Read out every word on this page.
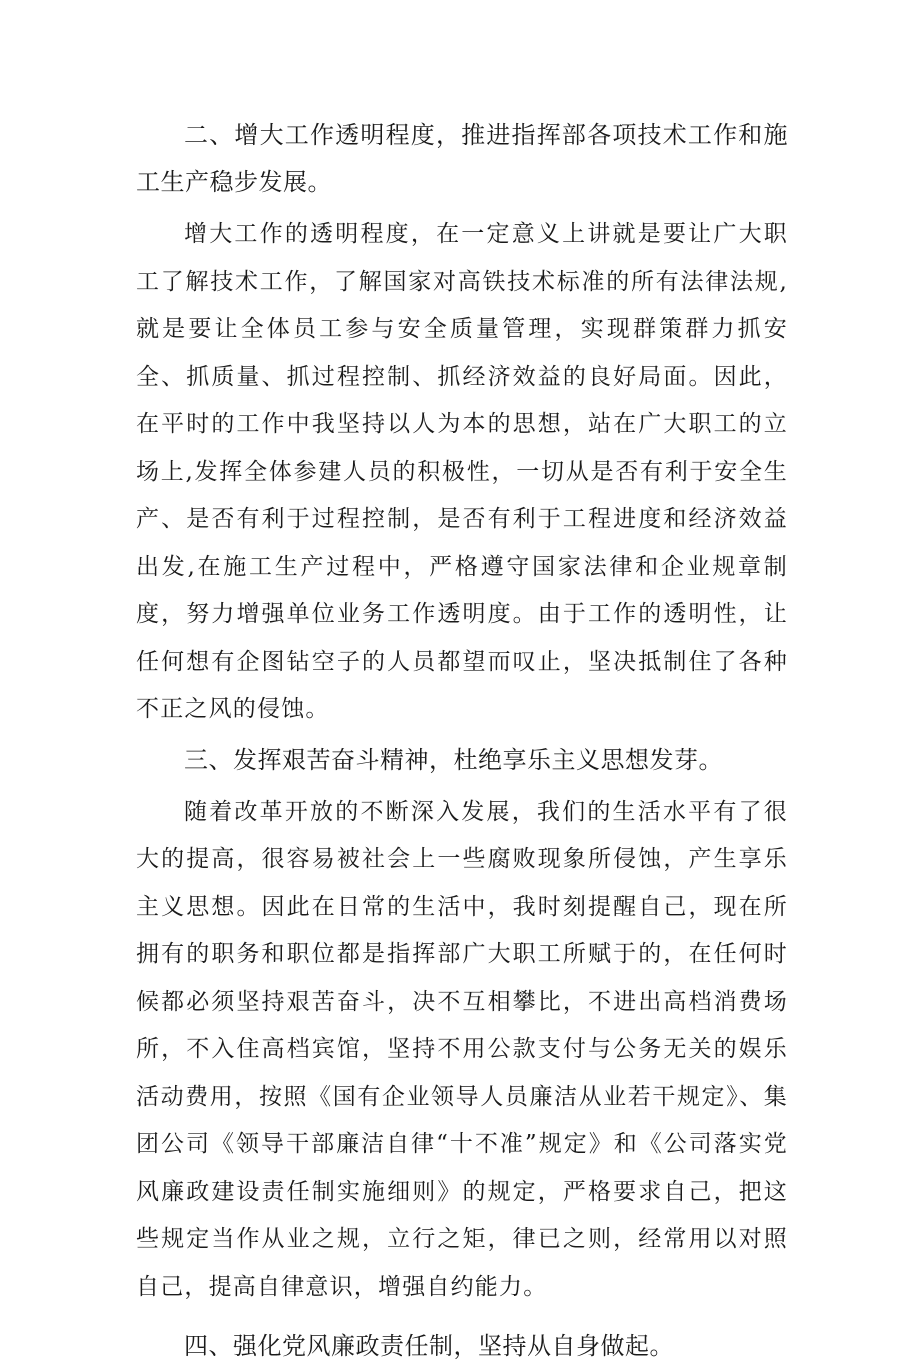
二、增大工作透明程度，推进指挥部各项技术工作和施工生产稳步发展。

增大工作的透明程度，在一定意义上讲就是要让广大职工了解技术工作，了解国家对高铁技术标准的所有法律法规,就是要让全体员工参与安全质量管理，实现群策群力抓安全、抓质量、抓过程控制、抓经济效益的良好局面。因此，在平时的工作中我坚持以人为本的思想，站在广大职工的立场上,发挥全体参建人员的积极性，一切从是否有利于安全生产、是否有利于过程控制，是否有利于工程进度和经济效益出发,在施工生产过程中，严格遵守国家法律和企业规章制度，努力增强单位业务工作透明度。由于工作的透明性，让任何想有企图钻空子的人员都望而叹止，坚决抵制住了各种不正之风的侵蚀。

三、发挥艰苦奋斗精神，杜绝享乐主义思想发芽。

随着改革开放的不断深入发展，我们的生活水平有了很大的提高，很容易被社会上一些腐败现象所侵蚀，产生享乐主义思想。因此在日常的生活中，我时刻提醒自己，现在所拥有的职务和职位都是指挥部广大职工所赋于的，在任何时候都必须坚持艰苦奋斗，决不互相攀比，不进出高档消费场所，不入住高档宾馆，坚持不用公款支付与公务无关的娱乐活动费用，按照《国有企业领导人员廉洁从业若干规定》、集团公司《领导干部廉洁自律“十不准”规定》和《公司落实党风廉政建设责任制实施细则》的规定，严格要求自己，把这些规定当作从业之规，立行之矩，律已之则，经常用以对照自己，提高自律意识，增强自约能力。

四、强化党风廉政责任制，坚持从自身做起。
